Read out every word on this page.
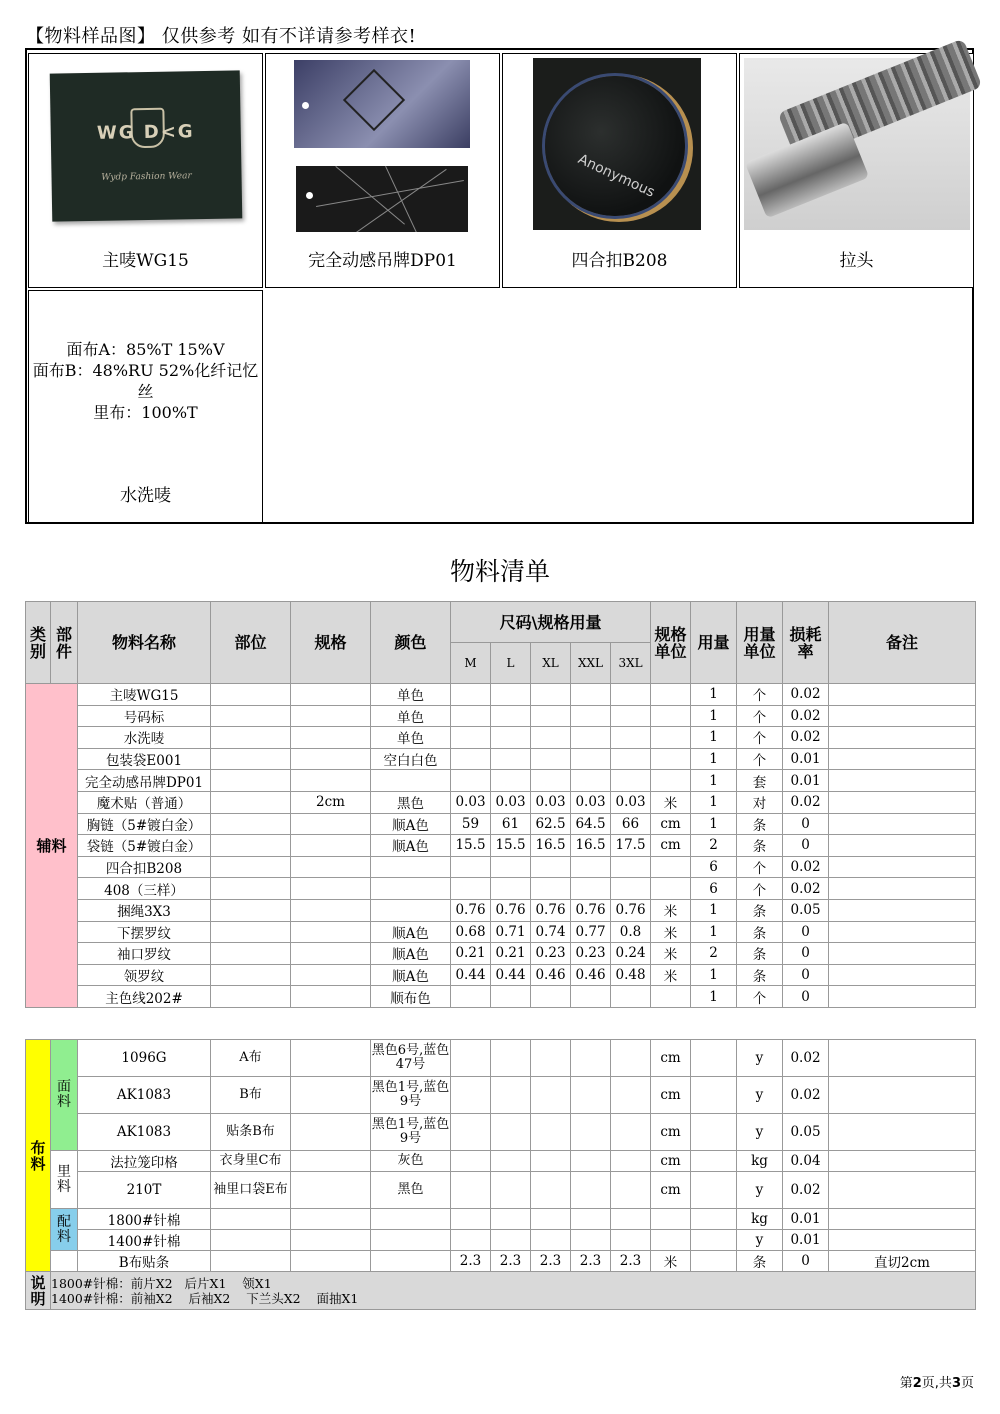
【物料样品图】 仅供参考 如有不详请参考样衣!
WG D<G
Wydp Fashion Wear
主唛WG15	完全动感吊牌DP01
Anonymous
四合扣B208	拉头
面布A：85%T 15%V
面布B：48%RU 52%化纤记忆
丝
里布：100%T
水洗唛
物料清单
类别	部件	物料名称	部位	规格	颜色	尺码\规格用量					规格单位	用量	用量单位	损耗率	备注
						M	L	XL	XXL	3XL					
辅料		主唛WG15			单色							1	个	0.02	
		号码标			单色							1	个	0.02	
		水洗唛			单色							1	个	0.02	
		包装袋E001			空白白色							1	个	0.01	
		完全动感吊牌DP01										1	套	0.01	
		魔术贴（普通）		2cm	黑色	0.03	0.03	0.03	0.03	0.03	米	1	对	0.02	
		胸链（5#镀白金）			顺A色	59	61	62.5	64.5	66	cm	1	条	0	
		袋链（5#镀白金）			顺A色	15.5	15.5	16.5	16.5	17.5	cm	2	条	0	
		四合扣B208										6	个	0.02	
		408（三样）										6	个	0.02	
		捆绳3X3				0.76	0.76	0.76	0.76	0.76	米	1	条	0.05	
		下摆罗纹			顺A色	0.68	0.71	0.74	0.77	0.8	米	1	条	0	
		袖口罗纹			顺A色	0.21	0.21	0.23	0.23	0.24	米	2	条	0	
		领罗纹			顺A色	0.44	0.44	0.46	0.46	0.48	米	1	条	0	
		主色线202#			顺布色							1	个	0	
布料	面料	1096G	A布		黑色6号,蓝色47号						cm		y	0.02	
		AK1083	B布		黑色1号,蓝色9号						cm		y	0.02	
		AK1083	贴条B布		黑色1号,蓝色9号						cm		y	0.05	
	里料	法拉笼印格	衣身里C布		灰色						cm		kg	0.04	
		210T	袖里口袋E布		黑色						cm		y	0.02	
	配料	1800#针棉											kg	0.01	
		1400#针棉											y	0.01	
		B布贴条				2.3	2.3	2.3	2.3	2.3	米		条	0	直切2cm
说明	1800#针棉：前片X2   后片X1    领X1
1400#针棉：前袖X2    后袖X2    下兰头X2    面抽X1														
第2页,共3页
